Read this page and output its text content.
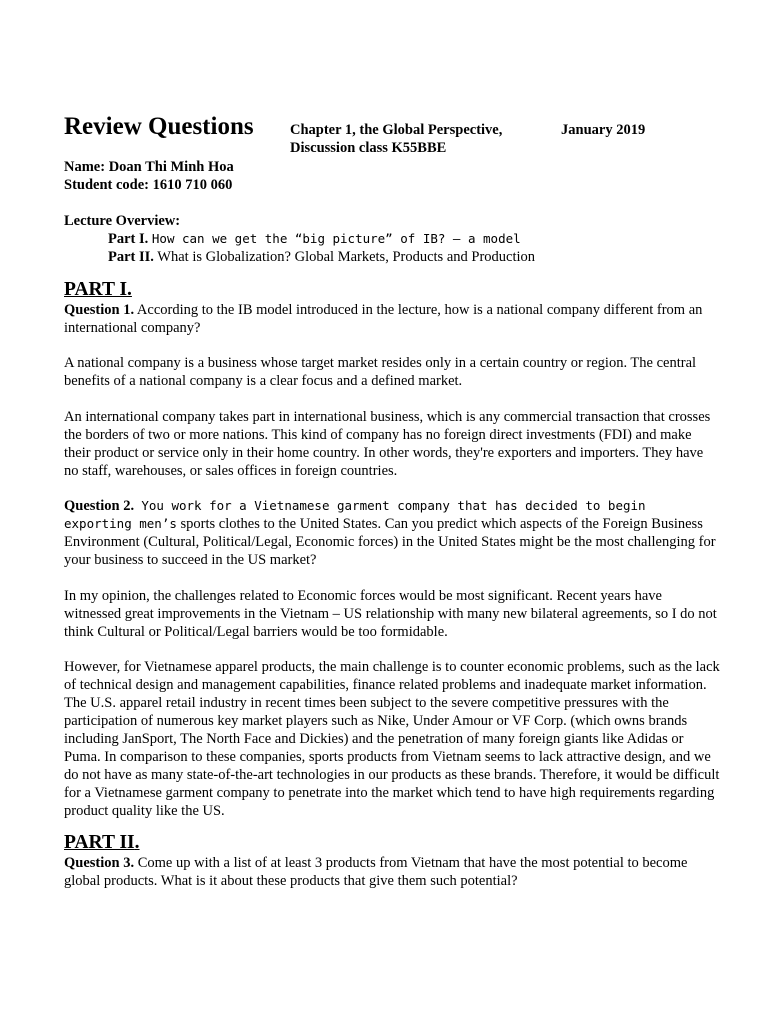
Review Questions	Chapter 1, the Global Perspective,
Discussion class K55BBE
January 2019
Name: Doan Thi Minh Hoa
Student code: 1610 710 060
Lecture Overview:
Part I. How can we get the “big picture” of IB? – a model
Part II. What is Globalization? Global Markets, Products and Production
PART I.

Question 1. According to the IB model introduced in the lecture, how is a national company different from an international company?

A national company is a business whose target market resides only in a certain country or region. The central benefits of a national company is a clear focus and a defined market.

An international company takes part in international business, which is any commercial transaction that crosses the borders of two or more nations. This kind of company has no foreign direct investments (FDI) and make their product or service only in their home country. In other words, they're exporters and importers. They have no staff, warehouses, or sales offices in foreign countries.

Question 2. You work for a Vietnamese garment company that has decided to begin exporting men’s sports clothes to the United States. Can you predict which aspects of the Foreign Business Environment (Cultural, Political/Legal, Economic forces) in the United States might be the most challenging for your business to succeed in the US market?

In my opinion, the challenges related to Economic forces would be most significant. Recent years have witnessed great improvements in the Vietnam – US relationship with many new bilateral agreements, so I do not think Cultural or Political/Legal barriers would be too formidable.

However, for Vietnamese apparel products, the main challenge is to counter economic problems, such as the lack of technical design and management capabilities, finance related problems and inadequate market information. The U.S. apparel retail industry in recent times been subject to the severe competitive pressures with the participation of numerous key market players such as Nike, Under Amour or VF Corp. (which owns brands including JanSport, The North Face and Dickies) and the penetration of many foreign giants like Adidas or Puma. In comparison to these companies, sports products from Vietnam seems to lack attractive design, and we do not have as many state-of-the-art technologies in our products as these brands. Therefore, it would be difficult for a Vietnamese garment company to penetrate into the market which tend to have high requirements regarding product quality like the US.

PART II.

Question 3. Come up with a list of at least 3 products from Vietnam that have the most potential to become global products. What is it about these products that give them such potential?
